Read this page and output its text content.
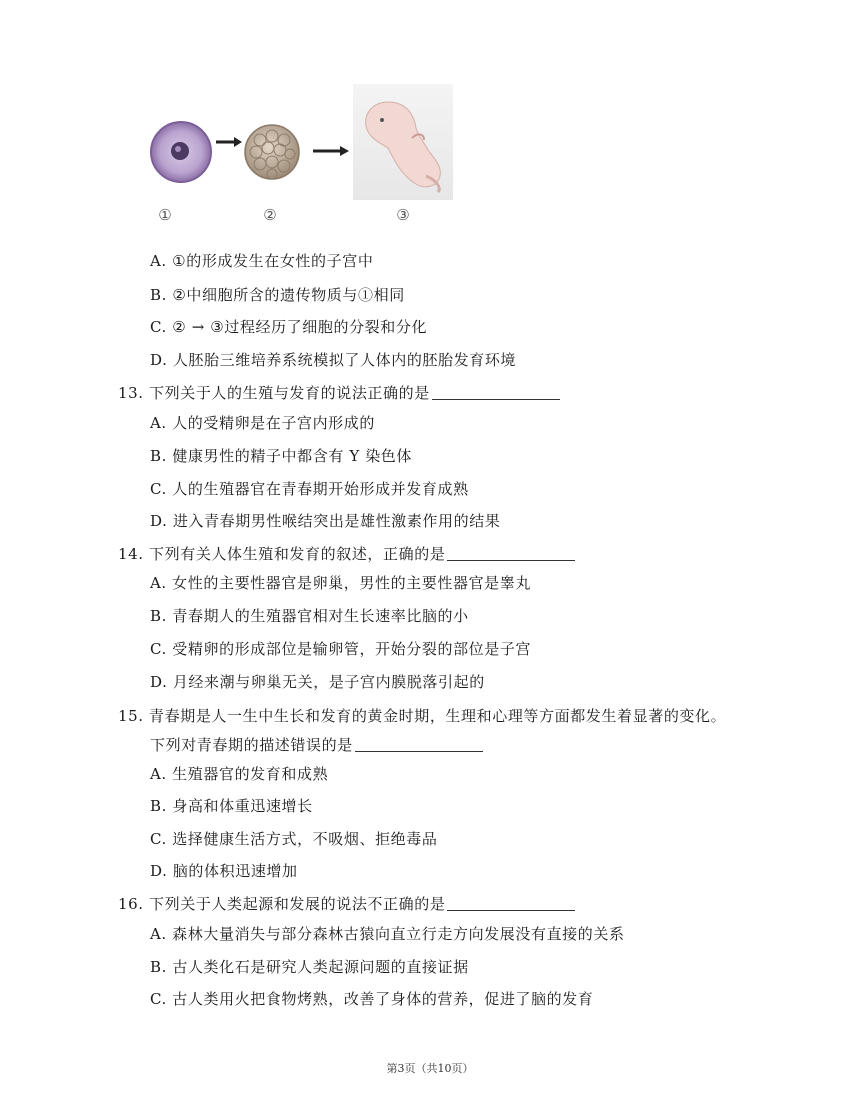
①	②	③
A. ①的形成发生在女性的子宫中
B. ②中细胞所含的遗传物质与①相同
C. ② → ③过程经历了细胞的分裂和分化
D. 人胚胎三维培养系统模拟了人体内的胚胎发育环境
13. 下列关于人的生殖与发育的说法正确的是
A. 人的受精卵是在子宫内形成的
B. 健康男性的精子中都含有 Y 染色体
C. 人的生殖器官在青春期开始形成并发育成熟
D. 进入青春期男性喉结突出是雄性激素作用的结果
14. 下列有关人体生殖和发育的叙述，正确的是
A. 女性的主要性器官是卵巢，男性的主要性器官是睾丸
B. 青春期人的生殖器官相对生长速率比脑的小
C. 受精卵的形成部位是输卵管，开始分裂的部位是子宫
D. 月经来潮与卵巢无关，是子宫内膜脱落引起的
15. 青春期是人一生中生长和发育的黄金时期，生理和心理等方面都发生着显著的变化。
下列对青春期的描述错误的是
A. 生殖器官的发育和成熟
B. 身高和体重迅速增长
C. 选择健康生活方式，不吸烟、拒绝毒品
D. 脑的体积迅速增加
16. 下列关于人类起源和发展的说法不正确的是
A. 森林大量消失与部分森林古猿向直立行走方向发展没有直接的关系
B. 古人类化石是研究人类起源问题的直接证据
C. 古人类用火把食物烤熟，改善了身体的营养，促进了脑的发育
第3页（共10页）
